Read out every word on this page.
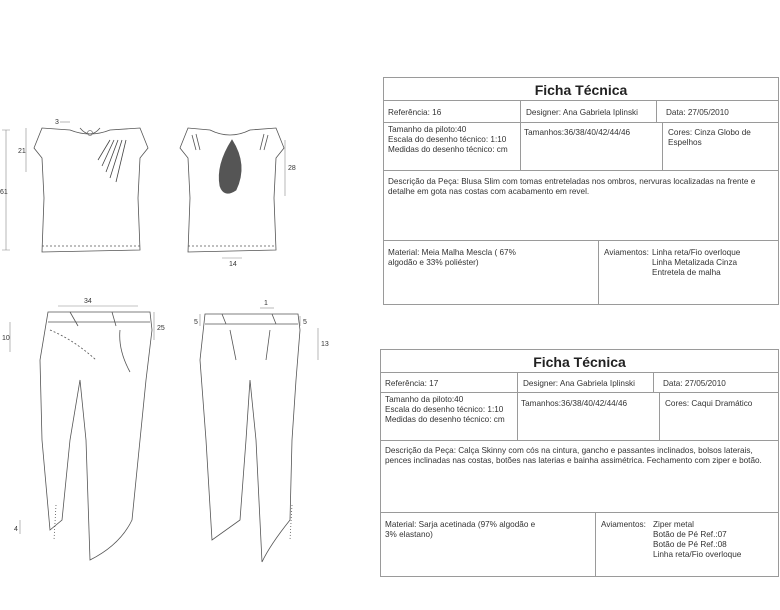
3
21
61
28
14
34
10
25
4
5
1
5
13
Ficha Técnica
Referência: 16	Designer: Ana Gabriela Iplinski	Data: 27/05/2010
Tamanho da piloto:40
Escala do desenho técnico: 1:10
Medidas do desenho técnico: cm
Tamanhos:36/38/40/42/44/46	Cores: Cinza Globo de
Espelhos
Descrição da Peça: Blusa Slim com tomas entreteladas nos ombros, nervuras localizadas na frente e detalhe em gota nas costas com acabamento em revel.
Material: Meia Malha Mescla ( 67%
algodão e 33% poliéster)
Aviamentos: Linha reta/Fio overloque
Linha Metalizada Cinza
Entretela de malha
Ficha Técnica
Referência: 17	Designer: Ana Gabriela Iplinski	Data: 27/05/2010
Tamanho da piloto:40
Escala do desenho técnico: 1:10
Medidas do desenho técnico: cm
Tamanhos:36/38/40/42/44/46	Cores: Caqui Dramático
Descrição da Peça: Calça Skinny com cós na cintura, gancho e passantes inclinados, bolsos laterais, pences inclinadas nas costas, botões nas laterias e bainha assimétrica. Fechamento com ziper e botão.
Material: Sarja acetinada (97% algodão e
3% elastano)
Aviamentos: Ziper metal
Botão de Pé Ref.:07
Botão de Pé Ref.:08
Linha reta/Fio overloque
